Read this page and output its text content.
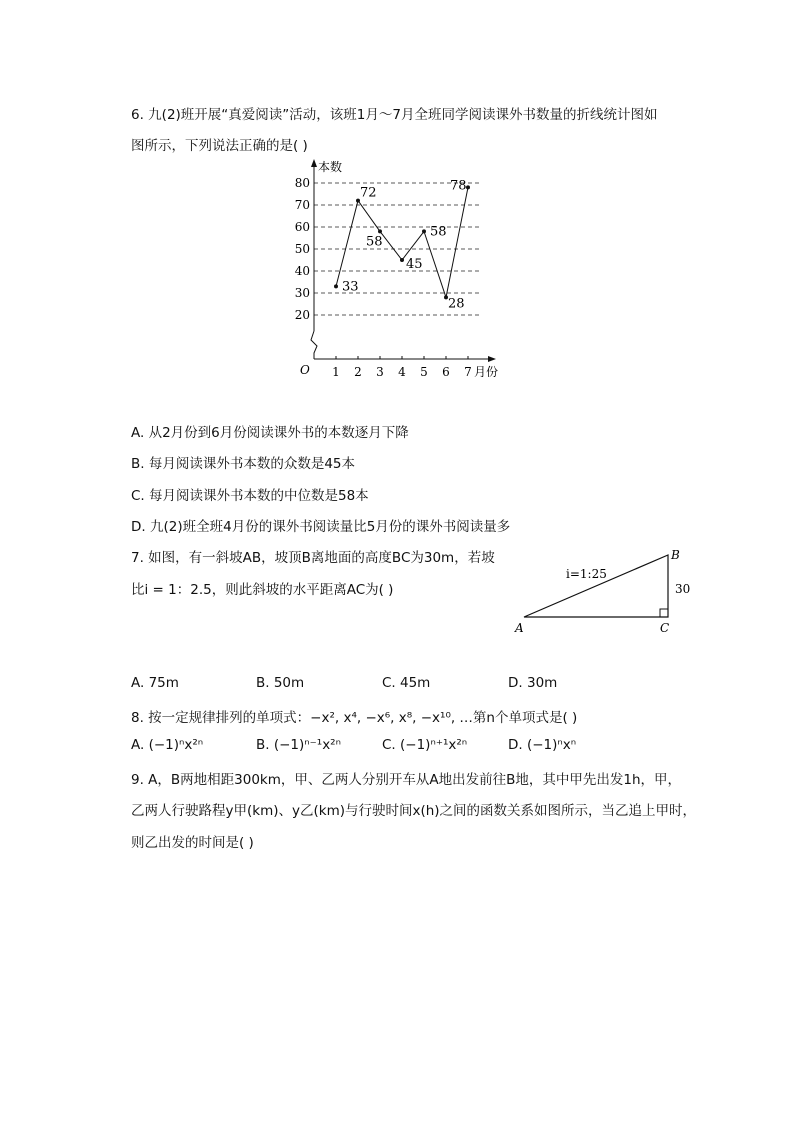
6. 九(2)班开展“真爱阅读”活动，该班1月～7月全班同学阅读课外书数量的折线统计图如
图所示，下列说法正确的是( )
20
30
40
50
60
70
80
1 2 3 4 5 6 7
本数
月份
O
33
72
58
45
58
28
78
A. 从2月份到6月份阅读课外书的本数逐月下降
B. 每月阅读课外书本数的众数是45本
C. 每月阅读课外书本数的中位数是58本
D. 九(2)班全班4月份的课外书阅读量比5月份的课外书阅读量多
7. 如图，有一斜坡AB，坡顶B离地面的高度BC为30m，若坡
比i = 1：2.5，则此斜坡的水平距离AC为( )
i=1:25
30
A
B
C
A. 75m	B. 50m	C. 45m	D. 30m
8. 按一定规律排列的单项式：−x², x⁴, −x⁶, x⁸, −x¹⁰, …第n个单项式是( )
A. (−1)ⁿx²ⁿ	B. (−1)ⁿ⁻¹x²ⁿ	C. (−1)ⁿ⁺¹x²ⁿ	D. (−1)ⁿxⁿ
9. A，B两地相距300km，甲、乙两人分别开车从A地出发前往B地，其中甲先出发1h，甲，
乙两人行驶路程y甲(km)、y乙(km)与行驶时间x(h)之间的函数关系如图所示，当乙追上甲时，
则乙出发的时间是( )
